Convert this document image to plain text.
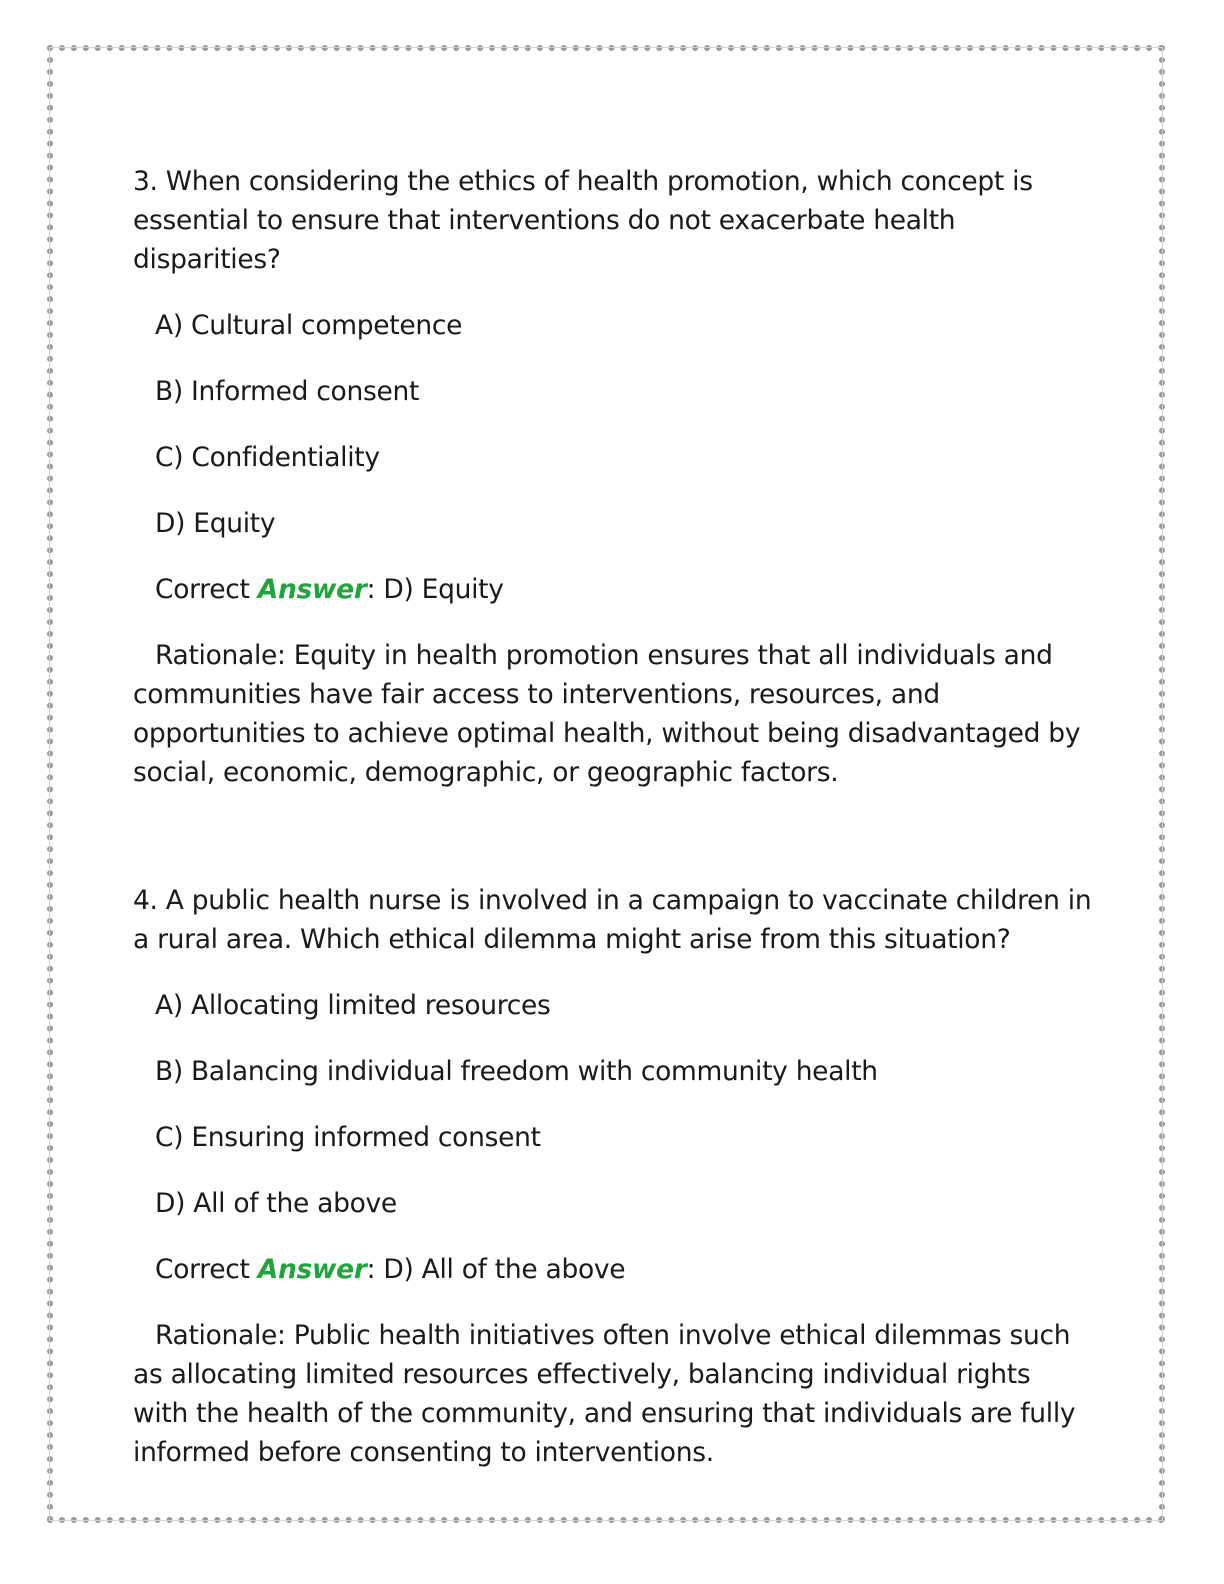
3. When considering the ethics of health promotion, which concept is essential to ensure that interventions do not exacerbate health disparities?

A) Cultural competence

B) Informed consent

C) Confidentiality

D) Equity

Correct Answer: D) Equity

Rationale: Equity in health promotion ensures that all individuals and communities have fair access to interventions, resources, and opportunities to achieve optimal health, without being disadvantaged by social, economic, demographic, or geographic factors.

4. A public health nurse is involved in a campaign to vaccinate children in a rural area. Which ethical dilemma might arise from this situation?

A) Allocating limited resources

B) Balancing individual freedom with community health

C) Ensuring informed consent

D) All of the above

Correct Answer: D) All of the above

Rationale: Public health initiatives often involve ethical dilemmas such as allocating limited resources effectively, balancing individual rights with the health of the community, and ensuring that individuals are fully informed before consenting to interventions.
